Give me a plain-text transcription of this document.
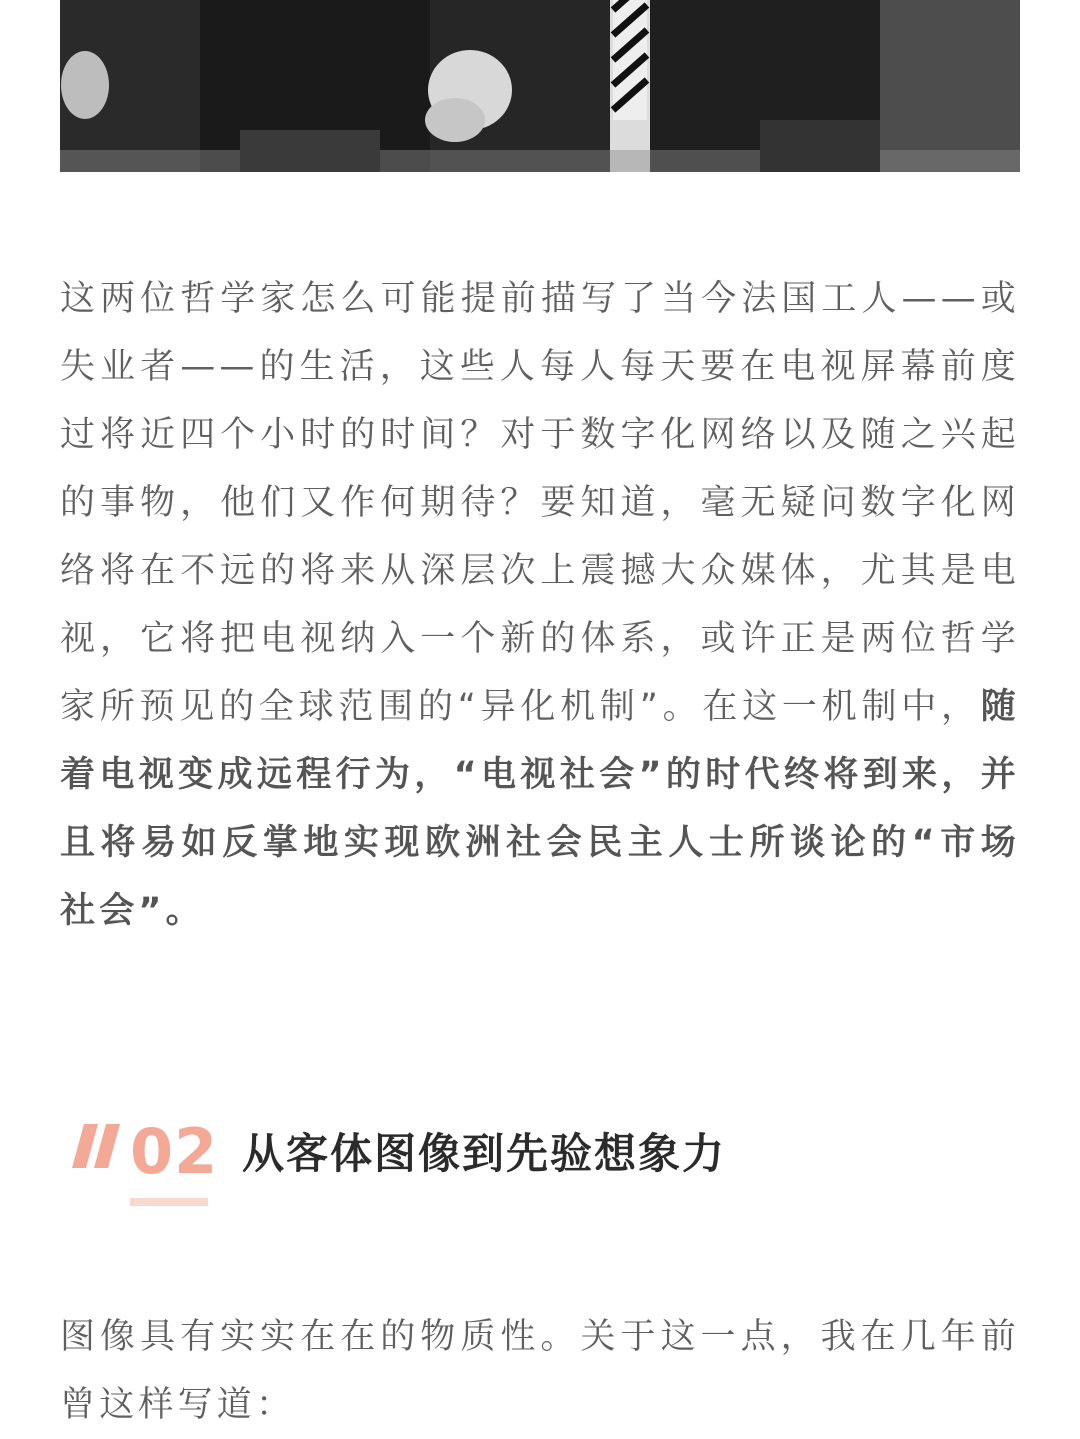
这两位哲学家怎么可能提前描写了当今法国工人——或失业者——的生活，这些人每人每天要在电视屏幕前度过将近四个小时的时间？对于数字化网络以及随之兴起的事物，他们又作何期待？要知道，毫无疑问数字化网络将在不远的将来从深层次上震撼大众媒体，尤其是电视，它将把电视纳入一个新的体系，或许正是两位哲学家所预见的全球范围的“异化机制”。在这一机制中，随着电视变成远程行为，“电视社会”的时代终将到来，并且将易如反掌地实现欧洲社会民主人士所谈论的“市场社会”。

02 从客体图像到先验想象力

图像具有实实在在的物质性。关于这一点，我在几年前曾这样写道：
